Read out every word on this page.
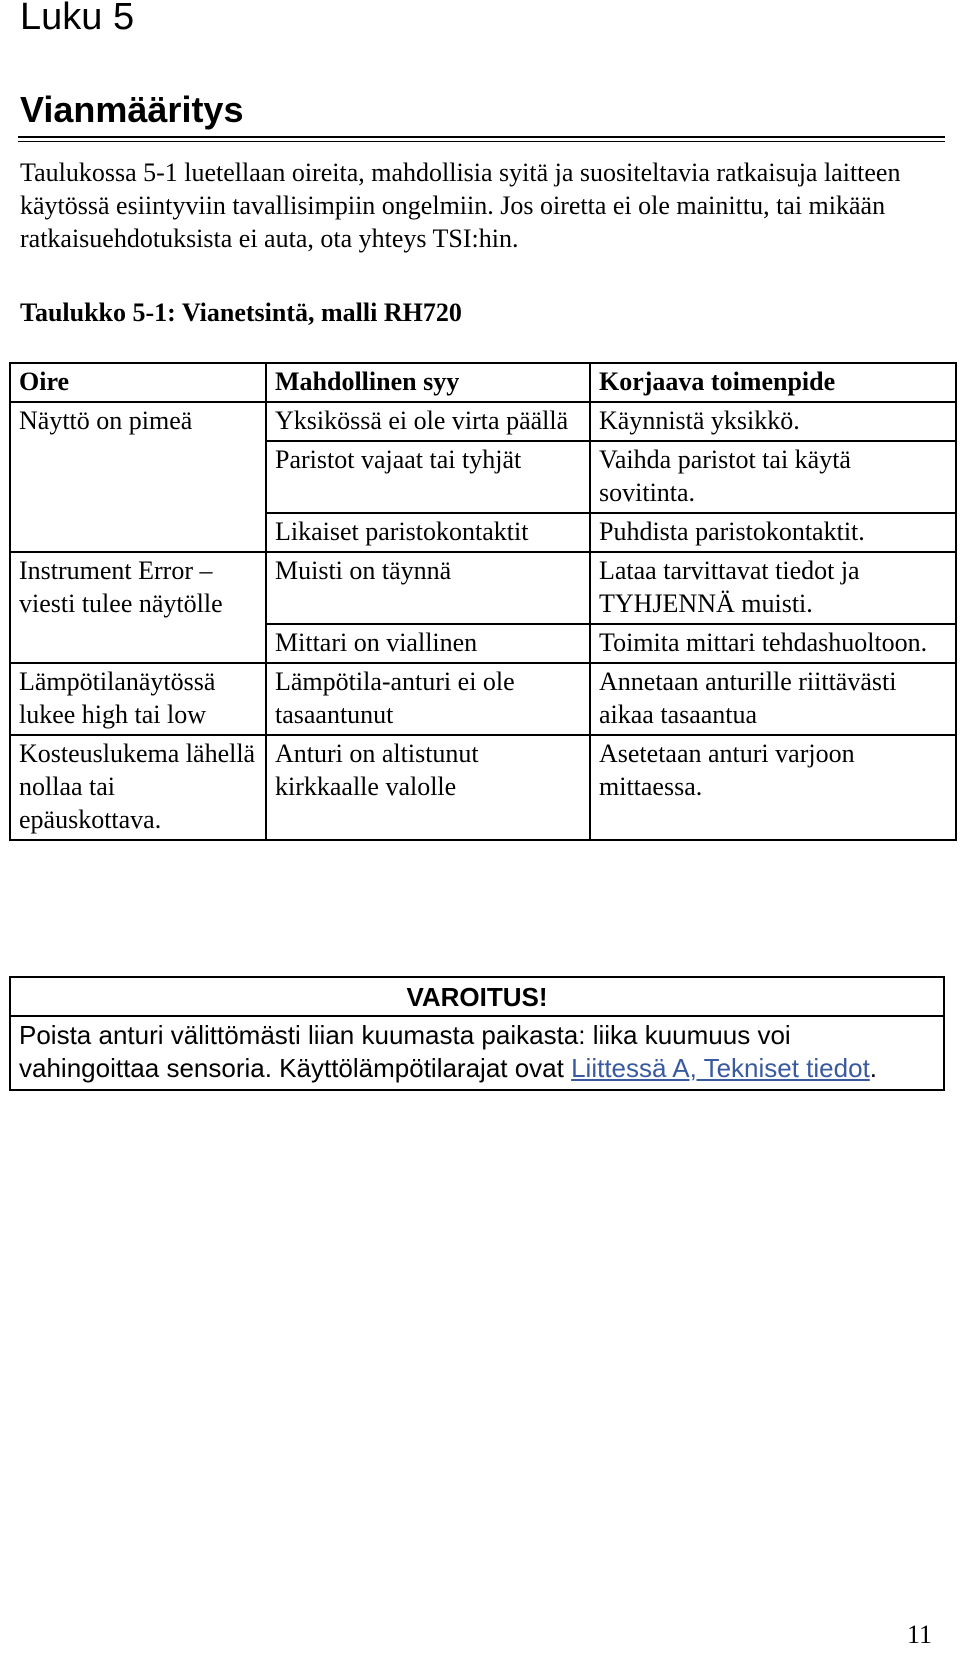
Luku 5
Vianmääritys

Taulukossa 5-1 luetellaan oireita, mahdollisia syitä ja suositeltavia ratkaisuja laitteen käytössä esiintyviin tavallisimpiin ongelmiin. Jos oiretta ei ole mainittu, tai mikään ratkaisuehdotuksista ei auta, ota yhteys TSI:hin.

Taulukko 5-1: Vianetsintä, malli RH720

Oire	Mahdollinen syy	Korjaava toimenpide
Näyttö on pimeä	Yksikössä ei ole virta päällä	Käynnistä yksikkö.
	Paristot vajaat tai tyhjät	Vaihda paristot tai käytä sovitinta.
	Likaiset paristokontaktit	Puhdista paristokontaktit.
Instrument Error – viesti tulee näytölle	Muisti on täynnä	Lataa tarvittavat tiedot ja TYHJENNÄ muisti.
	Mittari on viallinen	Toimita mittari tehdashuoltoon.
Lämpötilanäytössä lukee high tai low	Lämpötila-anturi ei ole tasaantunut	Annetaan anturille riittävästi aikaa tasaantua
Kosteuslukema lähellä nollaa tai epäuskottava.	Anturi on altistunut kirkkaalle valolle	Asetetaan anturi varjoon mittaessa.
VAROITUS!
Poista anturi välittömästi liian kuumasta paikasta: liika kuumuus voi vahingoittaa sensoria. Käyttölämpötilarajat ovat Liittessä A, Tekniset tiedot.
11
